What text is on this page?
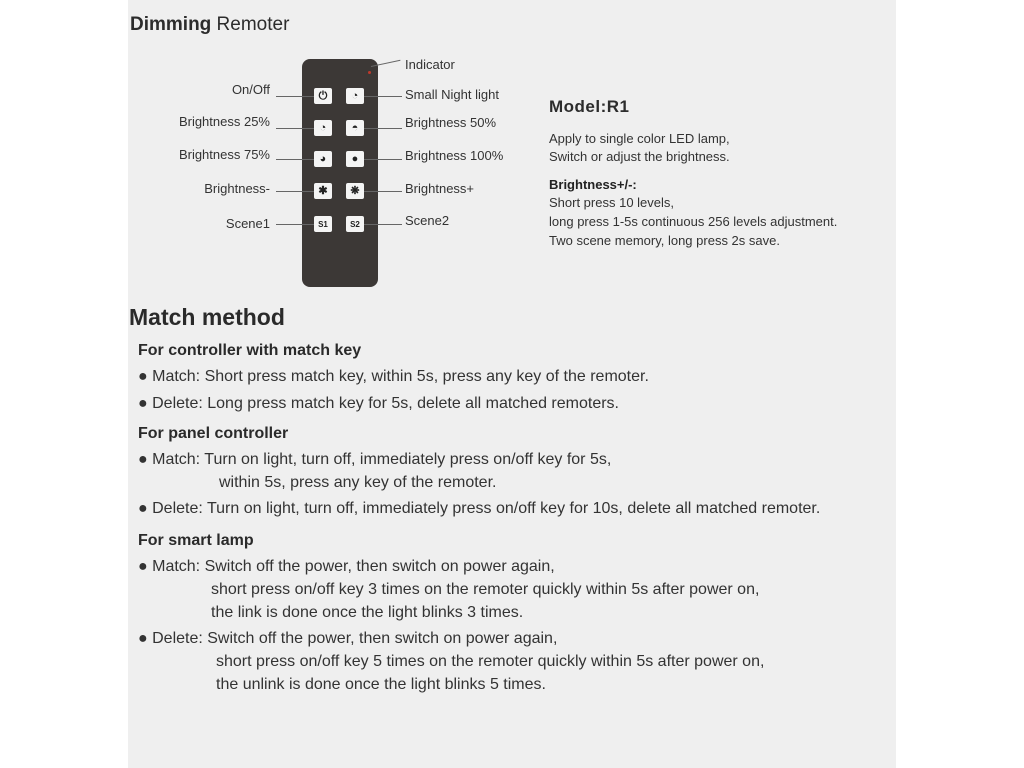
Dimming Remoter
⏻ ◔
◔ ◓
◕ ●
✱ ❋
S1	S2
On/Off
Brightness 25%
Brightness 75%
Brightness-
Scene1
Indicator
Small Night light
Brightness 50%
Brightness 100%
Brightness+
Scene2
Model:R1
Apply to single color LED lamp,
Switch or adjust the brightness.
Brightness+/-:
Short press 10 levels,
long press 1-5s continuous 256 levels adjustment.
Two scene memory, long press 2s save.
Match method
For controller with match key
● Match: Short press match key, within 5s, press any key of the remoter.
● Delete: Long press match key for 5s, delete all matched remoters.
For panel controller
● Match: Turn on light, turn off, immediately press on/off key for 5s,
within 5s, press any key of the remoter.
● Delete: Turn on light, turn off, immediately press on/off key for 10s, delete all matched remoter.
For smart lamp
● Match: Switch off the power, then switch on power again,
short press on/off key 3 times on the remoter quickly within 5s after power on,
the link is done once the light blinks 3 times.
● Delete: Switch off the power, then switch on power again,
short press on/off key 5 times on the remoter quickly within 5s after power on,
the unlink is done once the light blinks 5 times.
